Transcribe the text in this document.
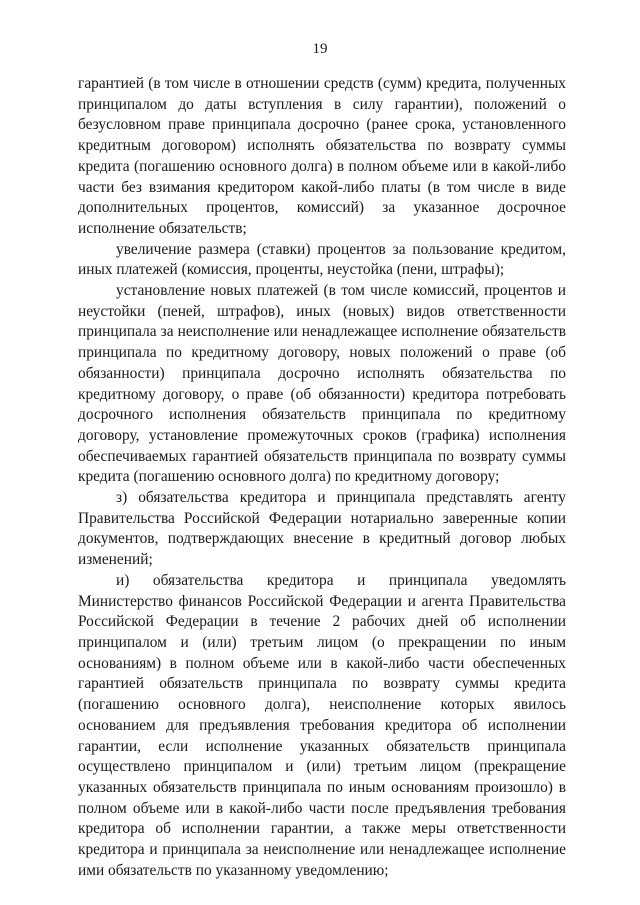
19

гарантией (в том числе в отношении средств (сумм) кредита, полученных принципалом до даты вступления в силу гарантии), положений о безусловном праве принципала досрочно (ранее срока, установленного кредитным договором) исполнять обязательства по возврату суммы кредита (погашению основного долга) в полном объеме или в какой-либо части без взимания кредитором какой-либо платы (в том числе в виде дополнительных процентов, комиссий) за указанное досрочное исполнение обязательств;

увеличение размера (ставки) процентов за пользование кредитом, иных платежей (комиссия, проценты, неустойка (пени, штрафы);

установление новых платежей (в том числе комиссий, процентов и неустойки (пеней, штрафов), иных (новых) видов ответственности принципала за неисполнение или ненадлежащее исполнение обязательств принципала по кредитному договору, новых положений о праве (об обязанности) принципала досрочно исполнять обязательства по кредитному договору, о праве (об обязанности) кредитора потребовать досрочного исполнения обязательств принципала по кредитному договору, установление промежуточных сроков (графика) исполнения обеспечиваемых гарантией обязательств принципала по возврату суммы кредита (погашению основного долга) по кредитному договору;

з) обязательства кредитора и принципала представлять агенту Правительства Российской Федерации нотариально заверенные копии документов, подтверждающих внесение в кредитный договор любых изменений;

и) обязательства кредитора и принципала уведомлять Министерство финансов Российской Федерации и агента Правительства Российской Федерации в течение 2 рабочих дней об исполнении принципалом и (или) третьим лицом (о прекращении по иным основаниям) в полном объеме или в какой-либо части обеспеченных гарантией обязательств принципала по возврату суммы кредита (погашению основного долга), неисполнение которых явилось основанием для предъявления требования кредитора об исполнении гарантии, если исполнение указанных обязательств принципала осуществлено принципалом и (или) третьим лицом (прекращение указанных обязательств принципала по иным основаниям произошло) в полном объеме или в какой-либо части после предъявления требования кредитора об исполнении гарантии, а также меры ответственности кредитора и принципала за неисполнение или ненадлежащее исполнение ими обязательств по указанному уведомлению;
